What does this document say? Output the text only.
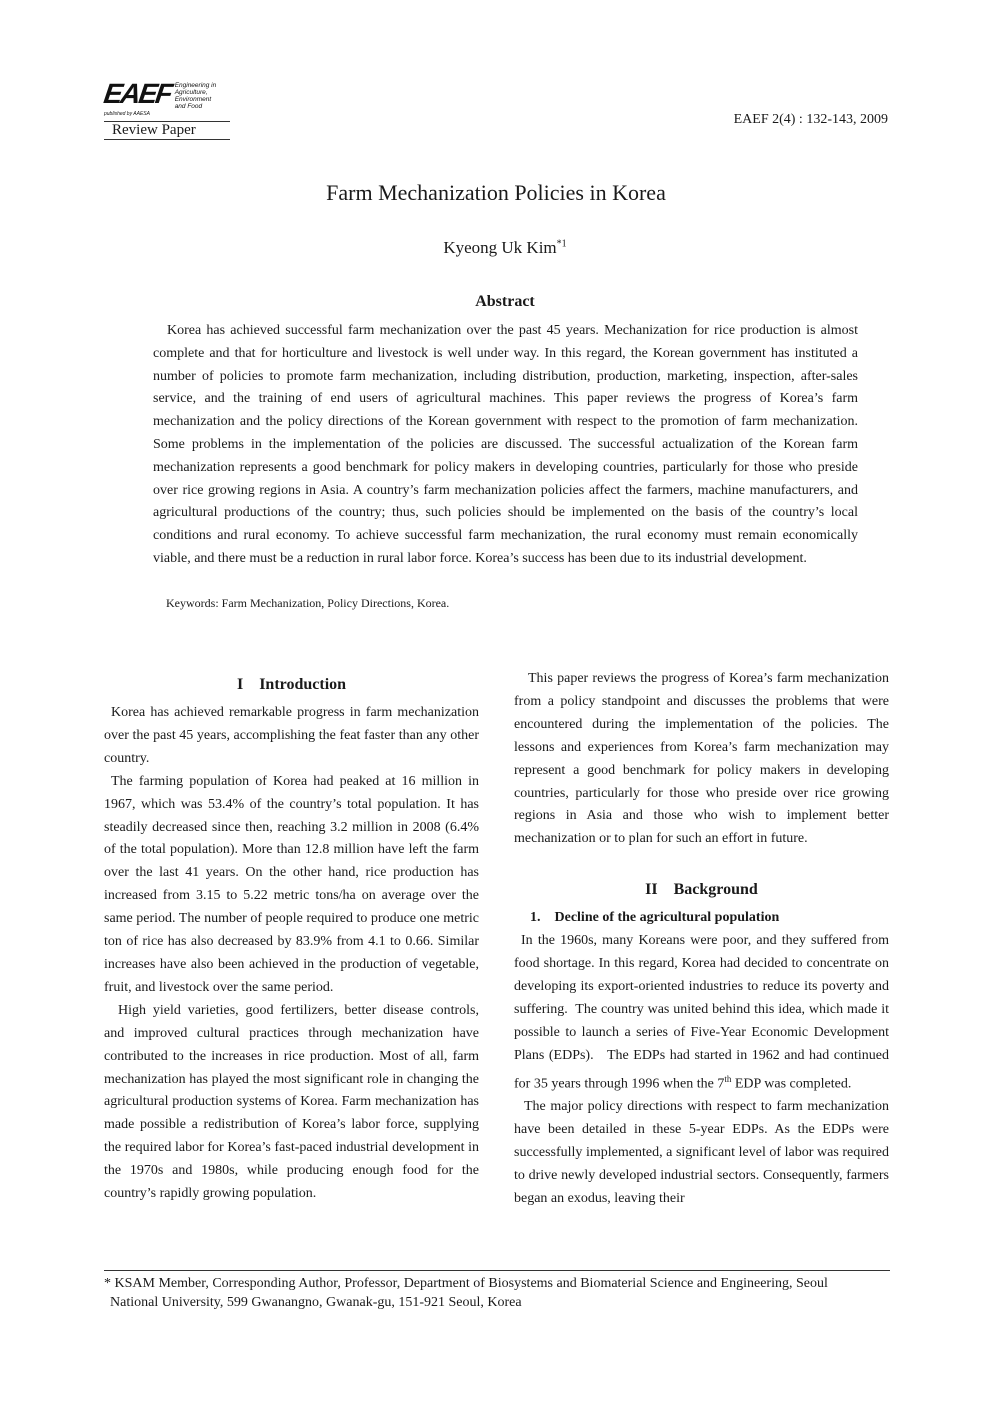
EAEF Engineering in
Agriculture,
Environment
and Food
published by AAESA
Review Paper
EAEF 2(4) : 132-143, 2009
Farm Mechanization Policies in Korea
Kyeong Uk Kim$^{*1}$
Abstract

Korea has achieved successful farm mechanization over the past 45 years. Mechanization for rice production is almost complete and that for horticulture and livestock is well under way. In this regard, the Korean government has instituted a number of policies to promote farm mechanization, including distribution, production, marketing, inspection, after-sales service, and the training of end users of agricultural machines. This paper reviews the progress of Korea’s farm mechanization and the policy directions of the Korean government with respect to the promotion of farm mechanization. Some problems in the implementation of the policies are discussed. The successful actualization of the Korean farm mechanization represents a good benchmark for policy makers in developing countries, particularly for those who preside over rice growing regions in Asia. A country’s farm mechanization policies affect the farmers, machine manufacturers, and agricultural productions of the country; thus, such policies should be implemented on the basis of the country’s local conditions and rural economy. To achieve successful farm mechanization, the rural economy must remain economically viable, and there must be a reduction in rural labor force. Korea’s success has been due to its industrial development.

Keywords: Farm Mechanization, Policy Directions, Korea.
I    Introduction

Korea has achieved remarkable progress in farm mechanization over the past 45 years, accomplishing the feat faster than any other country.

The farming population of Korea had peaked at 16 million in 1967, which was 53.4% of the country’s total population. It has steadily decreased since then, reaching 3.2 million in 2008 (6.4% of the total population). More than 12.8 million have left the farm over the last 41 years. On the other hand, rice production has increased from 3.15 to 5.22 metric tons/ha on average over the same period. The number of people required to produce one metric ton of rice has also decreased by 83.9% from 4.1 to 0.66. Similar increases have also been achieved in the production of vegetable, fruit, and livestock over the same period.

High yield varieties, good fertilizers, better disease controls, and improved cultural practices through mechanization have contributed to the increases in rice production. Most of all, farm mechanization has played the most significant role in changing the agricultural production systems of Korea. Farm mechanization has made possible a redistribution of Korea’s labor force, supplying the required labor for Korea’s fast-paced industrial development in the 1970s and 1980s, while producing enough food for the country’s rapidly growing population.

This paper reviews the progress of Korea’s farm mechanization from a policy standpoint and discusses the problems that were encountered during the implementation of the policies. The lessons and experiences from Korea’s farm mechanization may represent a good benchmark for policy makers in developing countries, particularly for those who preside over rice growing regions in Asia and those who wish to implement better mechanization or to plan for such an effort in future.

II    Background
1.    Decline of the agricultural population

In the 1960s, many Koreans were poor, and they suffered from food shortage. In this regard, Korea had decided to concentrate on developing its export-oriented industries to reduce its poverty and suffering.  The country was united behind this idea, which made it possible to launch a series of Five-Year Economic Development Plans (EDPs).   The EDPs had started in 1962 and had continued for 35 years through 1996 when the 7th EDP was completed.

The major policy directions with respect to farm mechanization have been detailed in these 5-year EDPs. As the EDPs were successfully implemented, a significant level of labor was required to drive newly developed industrial sectors. Consequently, farmers began an exodus, leaving their

* KSAM Member, Corresponding Author, Professor, Department of Biosystems and Biomaterial Science and Engineering, Seoul
National University, 599 Gwanangno, Gwanak-gu, 151-921 Seoul, Korea
